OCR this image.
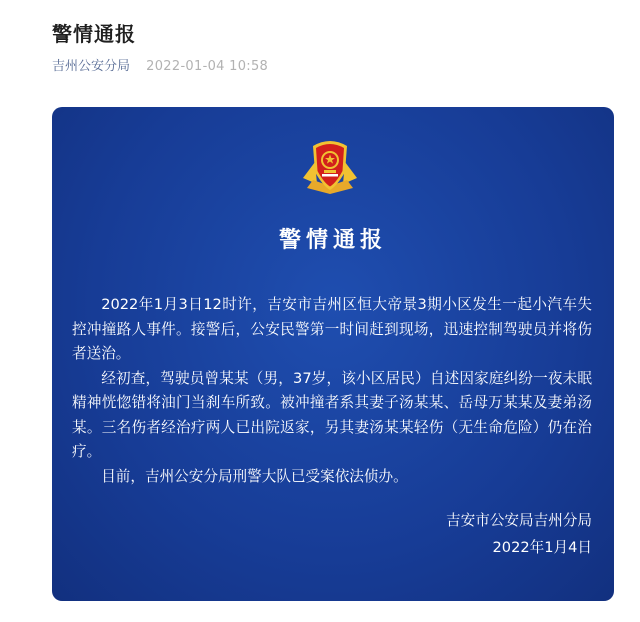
警情通报
吉州公安分局 2022-01-04 10:58
警情通报

2022年1月3日12时许，吉安市吉州区恒大帝景3期小区发生一起小汽车失控冲撞路人事件。接警后，公安民警第一时间赶到现场，迅速控制驾驶员并将伤者送治。

经初查，驾驶员曾某某（男，37岁，该小区居民）自述因家庭纠纷一夜未眠精神恍惚错将油门当刹车所致。被冲撞者系其妻子汤某某、岳母万某某及妻弟汤某。三名伤者经治疗两人已出院返家，另其妻汤某某轻伤（无生命危险）仍在治疗。

目前，吉州公安分局刑警大队已受案依法侦办。

吉安市公安局吉州分局
2022年1月4日
